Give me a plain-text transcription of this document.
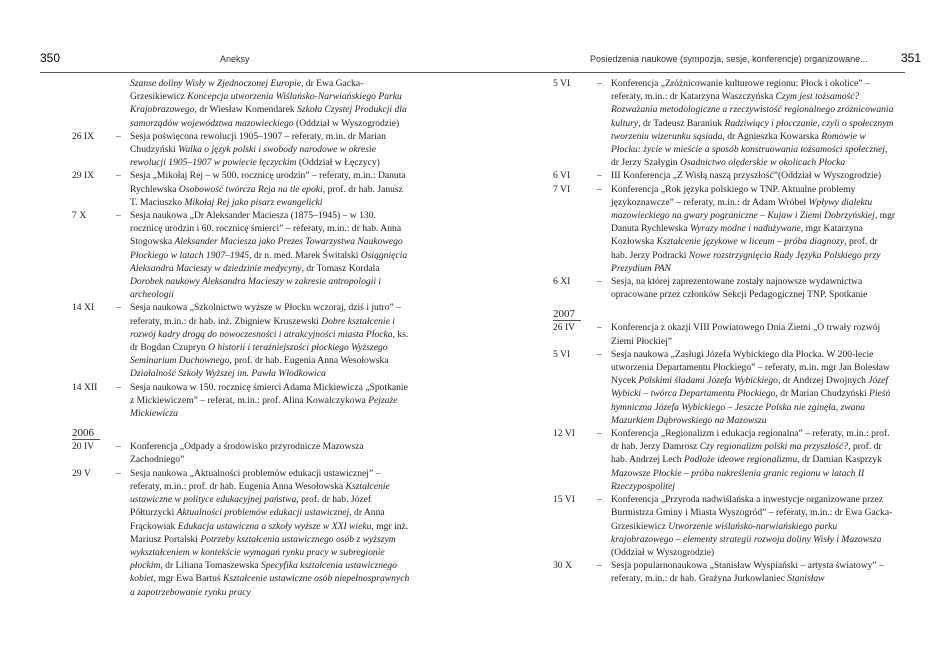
350	Aneksy
Szanse doliny Wisły w Zjednoczonej Europie, dr Ewa Gacka-Grzesikiewicz Koncepcja utworzenia Wiślańsko-Narwiańskiego Parku Krajobrazowego, dr Wiesław Komendarek Szkoła Czystej Produkcji dla samorządów województwa mazowieckiego (Oddział w Wyszogrodzie)
26 IX	– Sesja poświęcona rewolucji 1905–1907 – referaty, m.in. dr Marian Chudzyński Walka o język polski i swobody narodowe w okresie rewolucji 1905–1907 w powiecie łęczyckim (Oddział w Łęczycy)
29 IX	– Sesja „Mikołaj Rej – w 500. rocznicę urodzin” – referaty, m.in.: Danuta Rychlewska Osobowość twórcza Reja na tle epoki, prof. dr hab. Janusz T. Maciuszko Mikołaj Rej jako pisarz ewangelicki
7 X	– Sesja naukowa „Dr Aleksander Maciesza (1875–1945) – w 130. rocznicę urodzin i 60. rocznicę śmierci” – referaty, m.in.: dr hab. Anna Stogowska Aleksander Maciesza jako Prezes Towarzystwa Naukowego Płockiego w latach 1907–1945, dr n. med. Marek Świtalski Osiągnięcia Aleksandra Macieszy w dziedzinie medycyny, dr Tomasz Kordala Dorobek naukowy Aleksandra Macieszy w zakresie antropologii i archeologii
14 XI	– Sesja naukowa „Szkolnictwo wyższe w Płocku wczoraj, dziś i jutro” – referaty, m.in.: dr hab. inż. Zbigniew Kruszewski Dobre kształcenie i rozwój kadry drogą do nowoczesności i atrakcyjności miasta Płocka, ks. dr Bogdan Czupryn O historii i teraźniejszości płockiego Wyższego Seminarium Duchownego, prof. dr hab. Eugenia Anna Wesołowska Działalność Szkoły Wyższej im. Pawła Włodkowica
14 XII	– Sesja naukowa w 150. rocznicę śmierci Adama Mickiewicza „Spotkanie z Mickiewiczem” – referat, m.in.: prof. Alina Kowalczykowa Pejzaże Mickiewicza
2006
20 IV	– Konferencja „Odpady a środowisko przyrodnicze Mazowsza Zachodniego”
29 V	– Sesja naukowa „Aktualności problemów edukacji ustawicznej” – referaty, m.in.: prof. dr hab. Eugenia Anna Wesołowska Kształcenie ustawiczne w polityce edukacyjnej państwa, prof. dr hab. Józef Półturzycki Aktualności problemów edukacji ustawicznej, dr Anna Frąckowiak Edukacja ustawiczna a szkoły wyższe w XXI wieku, mgr inż. Mariusz Portalski Potrzeby kształcenia ustawicznego osób z wyższym wykształceniem w kontekście wymagań rynku pracy w subregionie płockim, dr Liliana Tomaszewska Specyfika kształcenia ustawicznego kobiet, mgr Ewa Bartuś Kształcenie ustawiczne osób niepełnosprawnych a zapotrzebowanie rynku pracy
Posiedzenia naukowe (sympozja, sesje, konferencje) organizowane...	351
5 VI	– Konferencja „Zróżnicowanie kulturowe regionu: Płock i okolice” – referaty, m.in.: dr Katarzyna Waszczyńska Czym jest tożsamość? Rozważania metodologiczne a rzeczywistość regionalnego zróżnicowania kultury, dr Tadeusz Baraniuk Radziwiący i płocczanie, czyli o społecznym tworzeniu wizerunku sąsiada, dr Agnieszka Kowarska Romowie w Płocku: życie w mieście a sposób konstruowania tożsamości społecznej, dr Jerzy Szałygin Osadnictwo olęderskie w okolicach Płocka
6 VI	– III Konferencja „Z Wisłą naszą przyszłość”(Oddział w Wyszogrodzie)
7 VI	– Konferencja „Rok języka polskiego w TNP. Aktualne problemy językoznawcze” – referaty, m.in.: dr Adam Wróbel Wpływy dialektu mazowieckiego na gwary pograniczne – Kujaw i Ziemi Dobrzyńskiej, mgr Danuta Rychlewska Wyrazy modne i nadużywane, mgr Katarzyna Kozłowska Kształcenie językowe w liceum – próba diagnozy, prof. dr hab. Jerzy Podracki Nowe rozstrzygnięcia Rady Języka Polskiego przy Prezydium PAN
6 XI	– Sesja, na której zaprezentowane zostały najnowsze wydawnictwa opracowane przez członków Sekcji Pedagogicznej TNP. Spotkanie
2007
26 IV	– Konferencja z okazji VIII Powiatowego Dnia Ziemi „O trwały rozwój Ziemi Płockiej”
5 VI	– Sesja naukowa „Zasługi Józefa Wybickiego dla Płocka. W 200-lecie utworzenia Departamentu Płockiego” – referaty, m.in. mgr Jan Bolesław Nycek Polskimi śladami Józefa Wybickiego, dr Andrzej Dwojnych Józef Wybicki – twórca Departamentu Płockiego, dr Marian Chudzyński Pieśń hymniczna Józefa Wybickiego – Jeszcze Polska nie zginęła, zwana Mazurkiem Dąbrowskiego na Mazowszu
12 VI	– Konferencja „Regionalizm i edukacja regionalna” – referaty, m.in.: prof. dr hab. Jerzy Damrosz Czy regionalizm polski ma przyszłość?, prof. dr hab. Andrzej Lech Podłoże ideowe regionalizmu, dr Damian Kasprzyk Mazowsze Płockie – próba nakreślenia granic regionu w latach II Rzeczypospolitej
15 VI	– Konferencja „Przyroda nadwiślańska a inwestycje organizowane przez Burmistrza Gminy i Miasta Wyszogród” – referaty, m.in.: dr Ewa Gacka-Grzesikiewicz Utworzenie wiślańsko-narwiańskiego parku krajobrazowego – elementy strategii rozwoju doliny Wisły i Mazowsza (Oddział w Wyszogrodzie)
30 X	– Sesja popularnonaukowa „Stanisław Wyspiański – artysta światowy” – referaty, m.in.: dr hab. Grażyna Jurkowlaniec Stanisław
